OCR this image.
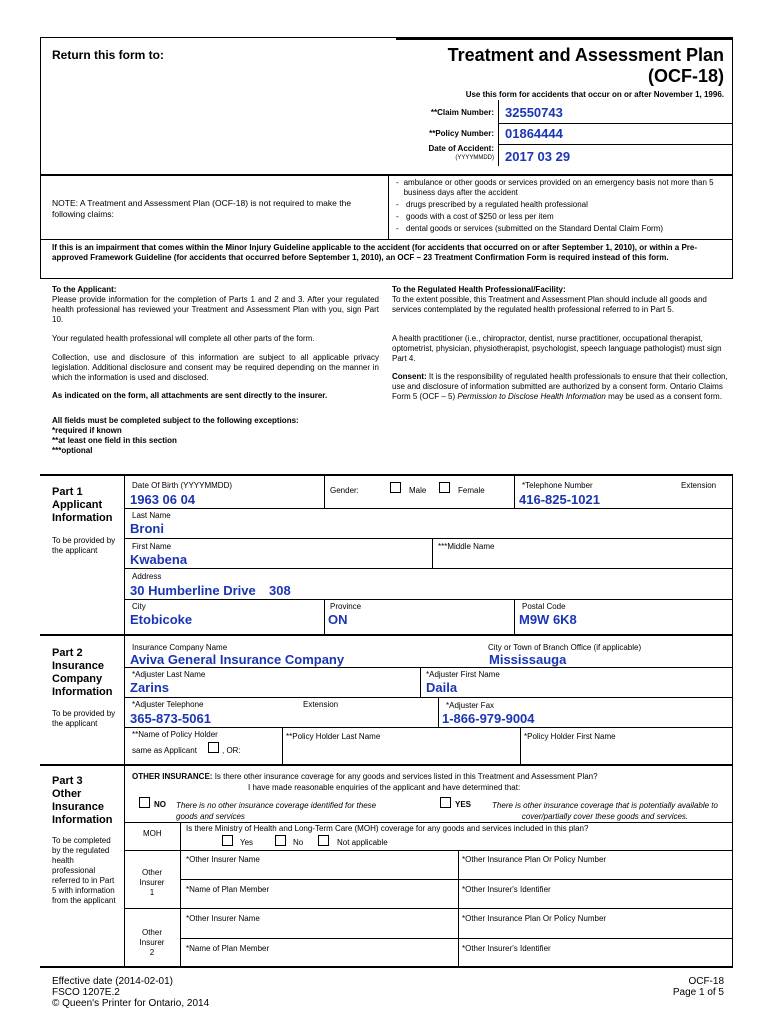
Return this form to:	Treatment and Assessment Plan
(OCF-18)
Use this form for accidents that occur on or after November 1, 1996.
**Claim Number: 32550743
**Policy Number: 01864444
Date of Accident:
(YYYYMMDD) 2017 03 29
NOTE: A Treatment and Assessment Plan (OCF-18) is not required to make the following claims:
- ambulance or other goods or services provided on an emergency basis not more than 5 business days after the accident
- drugs prescribed by a regulated health professional
- goods with a cost of $250 or less per item
- dental goods or services (submitted on the Standard Dental Claim Form)
If this is an impairment that comes within the Minor Injury Guideline applicable to the accident (for accidents that occurred on or after September 1, 2010), or within a Pre-approved Framework Guideline (for accidents that occurred before September 1, 2010), an OCF – 23 Treatment Confirmation Form is required instead of this form.
To the Applicant:
Please provide information for the completion of Parts 1 and 2 and 3. After your regulated health professional has reviewed your Treatment and Assessment Plan with you, sign Part 10.
Your regulated health professional will complete all other parts of the form.
Collection, use and disclosure of this information are subject to all applicable privacy legislation. Additional disclosure and consent may be required depending on the manner in which the information is used and disclosed.
As indicated on the form, all attachments are sent directly to the insurer.
All fields must be completed subject to the following exceptions:
*required if known
**at least one field in this section
***optional
To the Regulated Health Professional/Facility:
To the extent possible, this Treatment and Assessment Plan should include all goods and services contemplated by the regulated health professional referred to in Part 5.
A health practitioner (i.e., chiropractor, dentist, nurse practitioner, occupational therapist, optometrist, physician, physiotherapist, psychologist, speech language pathologist) must sign Part 4.
Consent: It is the responsibility of regulated health professionals to ensure that their collection, use and disclosure of information submitted are authorized by a consent form. Ontario Claims Form 5 (OCF – 5) Permission to Disclose Health Information may be used as a consent form.
Part 1
Applicant
Information
To be provided by the applicant
Date Of Birth (YYYYMMDD)
1963 06 04
Gender:	Male	Female
*Telephone Number
416-825-1021
Extension
Last Name
Broni
First Name
Kwabena
***Middle Name
Address
30 Humberline Drive 308
City
Etobicoke
Province
ON
Postal Code
M9W 6K8
Part 2
Insurance
Company
Information
To be provided by the applicant
Insurance Company Name
Aviva General Insurance Company
City or Town of Branch Office (if applicable)
Mississauga
*Adjuster Last Name
Zarins
*Adjuster First Name
Daila
*Adjuster Telephone
365-873-5061
Extension	*Adjuster Fax
1-866-979-9004
**Name of Policy Holder
same as Applicant	, OR:
**Policy Holder Last Name	*Policy Holder First Name
Part 3
Other
Insurance
Information
To be completed by the regulated health professional referred to in Part 5 with information from the applicant
OTHER INSURANCE: Is there other insurance coverage for any goods and services listed in this Treatment and Assessment Plan?
I have made reasonable enquiries of the applicant and have determined that:
NO There is no other insurance coverage identified for these goods and services
YES	There is other insurance coverage that is potentially available to cover/partially cover these goods and services.
MOH
Is there Ministry of Health and Long-Term Care (MOH) coverage for any goods and services included in this plan?
Yes	No	Not applicable
Other
Insurer
1
*Other Insurer Name	*Other Insurance Plan Or Policy Number
*Name of Plan Member	*Other Insurer's Identifier
Other
Insurer
2
*Other Insurer Name	*Other Insurance Plan Or Policy Number
*Name of Plan Member	*Other Insurer's Identifier
Effective date (2014-02-01)
FSCO 1207E.2
© Queen's Printer for Ontario, 2014
OCF-18
Page 1 of 5
